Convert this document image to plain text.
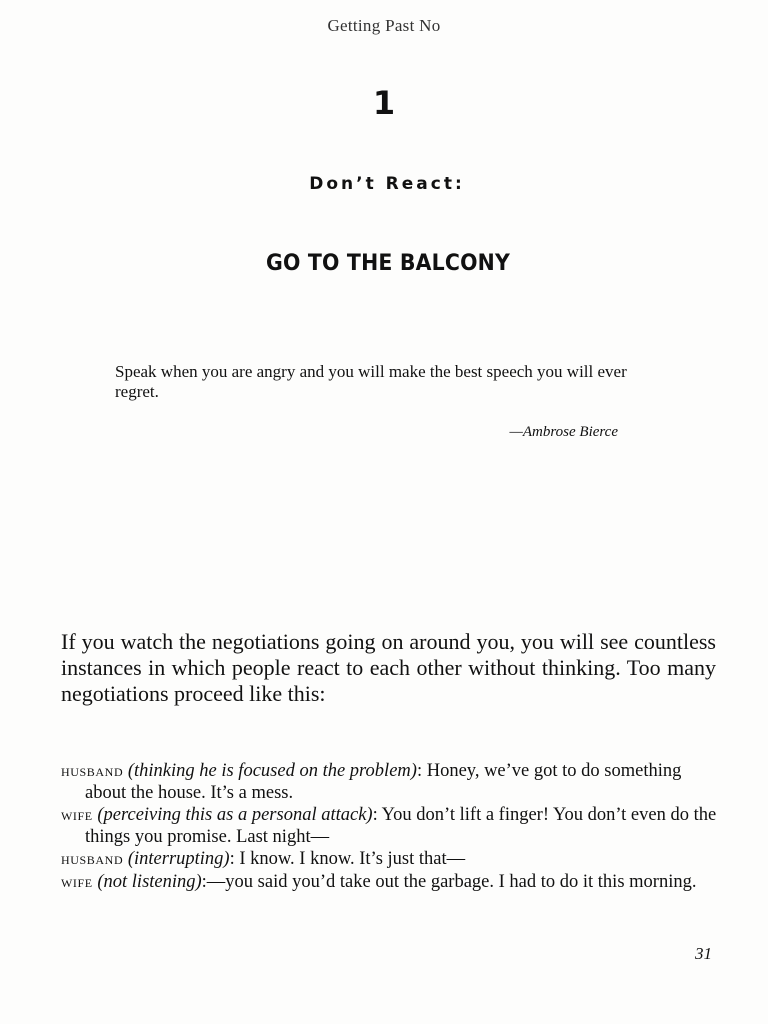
Getting Past No
1
Don’t React:
GO TO THE BALCONY
Speak when you are angry and you will make the best speech you will ever regret.
—Ambrose Bierce
If you watch the negotiations going on around you, you will see countless instances in which people react to each other without thinking. Too many negotiations proceed like this:

husband (thinking he is focused on the problem): Honey, we’ve got to do something about the house. It’s a mess.

wife (perceiving this as a personal attack): You don’t lift a finger! You don’t even do the things you promise. Last night—

husband (interrupting): I know. I know. It’s just that—

wife (not listening):—you said you’d take out the garbage. I had to do it this morning.

31
